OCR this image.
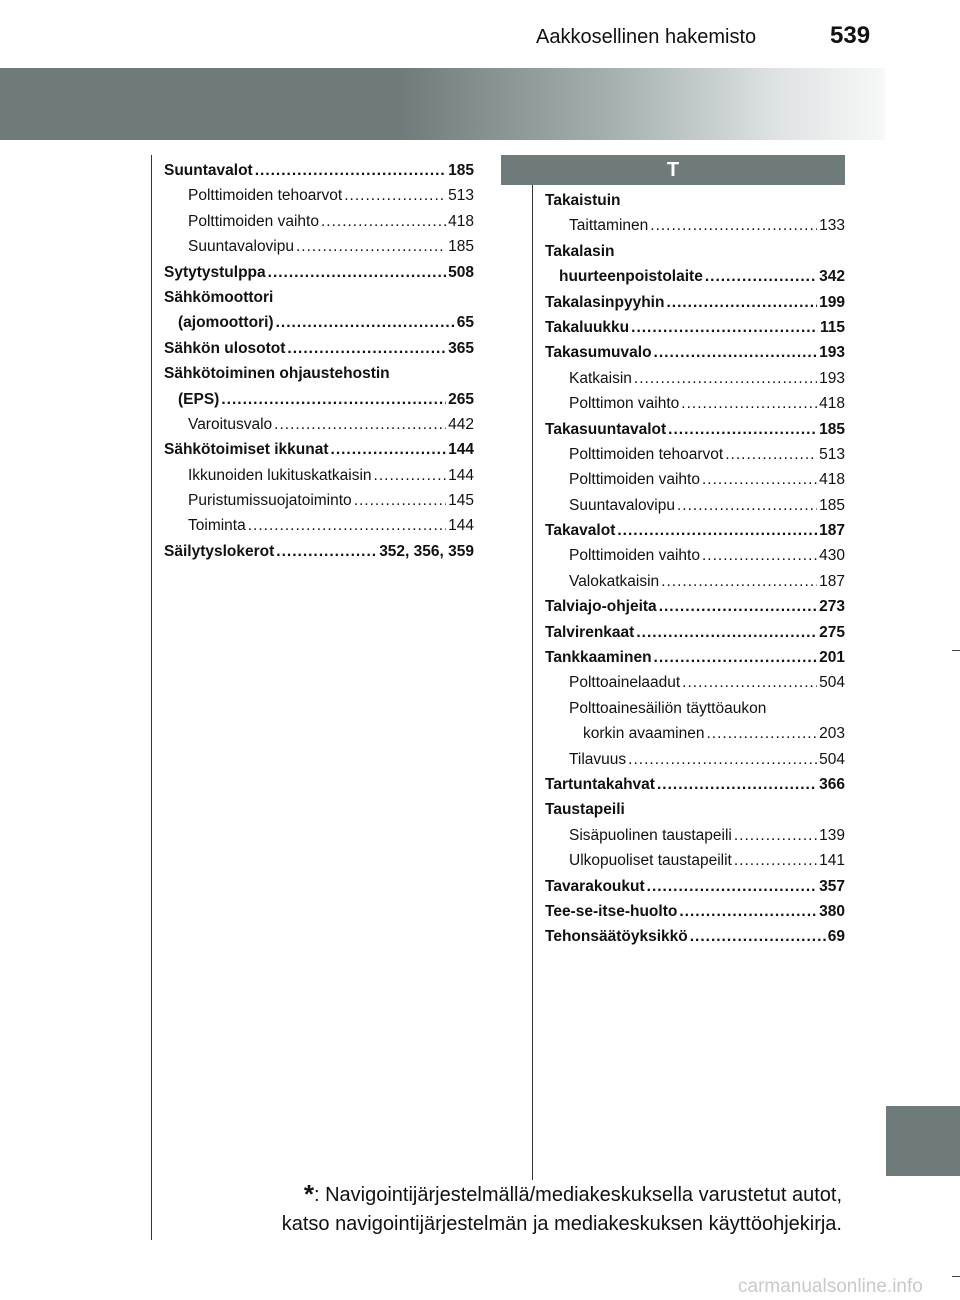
Aakkosellinen hakemisto	539
T
Suuntavalot .....	185
Polttimoiden tehoarvot .....	513
Polttimoiden vaihto .....	418
Suuntavalovipu .....	185
Sytytystulppa .....	508
Sähkömoottori
(ajomoottori) .....	65
Sähkön ulosotot .....	365
Sähkötoiminen ohjaustehostin
(EPS) .....	265
Varoitusvalo .....	442
Sähkötoimiset ikkunat .....	144
Ikkunoiden lukituskatkaisin .....	144
Puristumissuojatoiminto .....	145
Toiminta .....	144
Säilytyslokerot .....	352, 356, 359
Takaistuin
Taittaminen .....	133
Takalasin
huurteenpoistolaite .....	342
Takalasinpyyhin .....	199
Takaluukku .....	115
Takasumuvalo .....	193
Katkaisin .....	193
Polttimon vaihto .....	418
Takasuuntavalot .....	185
Polttimoiden tehoarvot .....	513
Polttimoiden vaihto .....	418
Suuntavalovipu .....	185
Takavalot .....	187
Polttimoiden vaihto .....	430
Valokatkaisin .....	187
Talviajo-ohjeita .....	273
Talvirenkaat .....	275
Tankkaaminen .....	201
Polttoainelaadut .....	504
Polttoainesäiliön täyttöaukon
korkin avaaminen .....	203
Tilavuus .....	504
Tartuntakahvat .....	366
Taustapeili
Sisäpuolinen taustapeili .....	139
Ulkopuoliset taustapeilit .....	141
Tavarakoukut .....	357
Tee-se-itse-huolto .....	380
Tehonsäätöyksikkö .....	69
*: Navigointijärjestelmällä/mediakeskuksella varustetut autot,
katso navigointijärjestelmän ja mediakeskuksen käyttöohjekirja.
carmanualsonline.info
